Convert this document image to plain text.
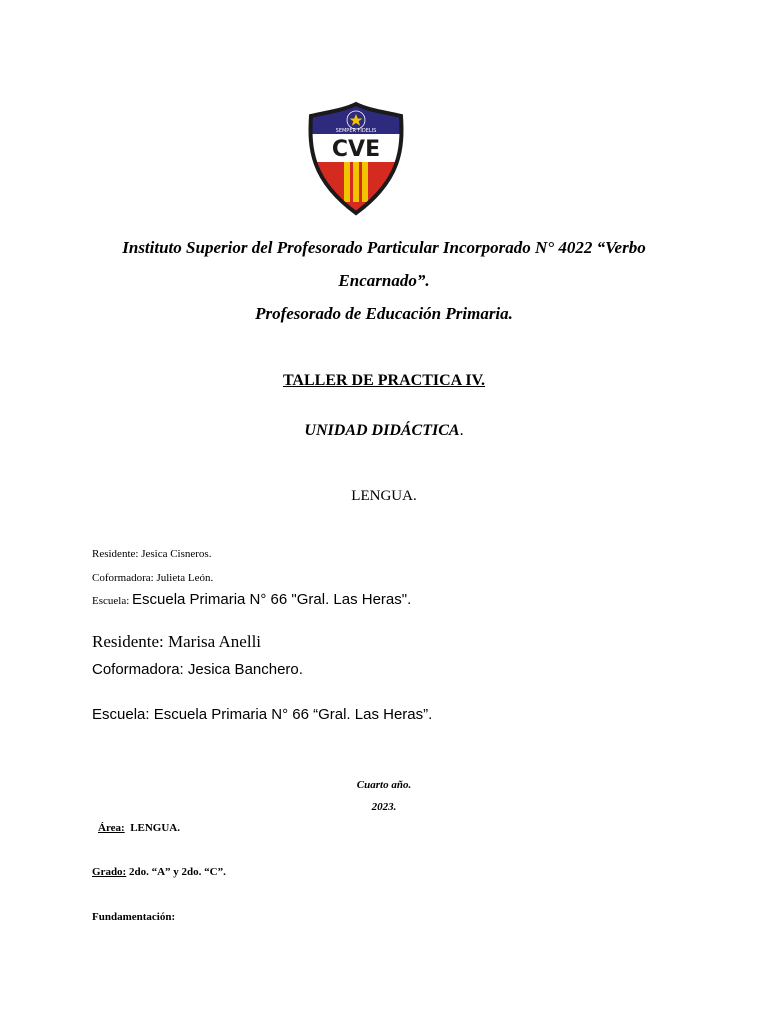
SEMPER FIDELIS
CVE
Instituto Superior del Profesorado Particular Incorporado N° 4022 “Verbo
Encarnado”.
Profesorado de Educación Primaria.
TALLER DE PRACTICA IV.
UNIDAD DIDÁCTICA.
LENGUA.
Residente: Jesica Cisneros.
Coformadora: Julieta León.
Escuela: Escuela Primaria N° 66 "Gral. Las Heras".
Residente: Marisa Anelli
Coformadora: Jesica Banchero.
Escuela: Escuela Primaria N° 66 “Gral. Las Heras”.
Cuarto año.
2023.
Área: LENGUA.
Grado: 2do. “A” y 2do. “C”.
Fundamentación:
